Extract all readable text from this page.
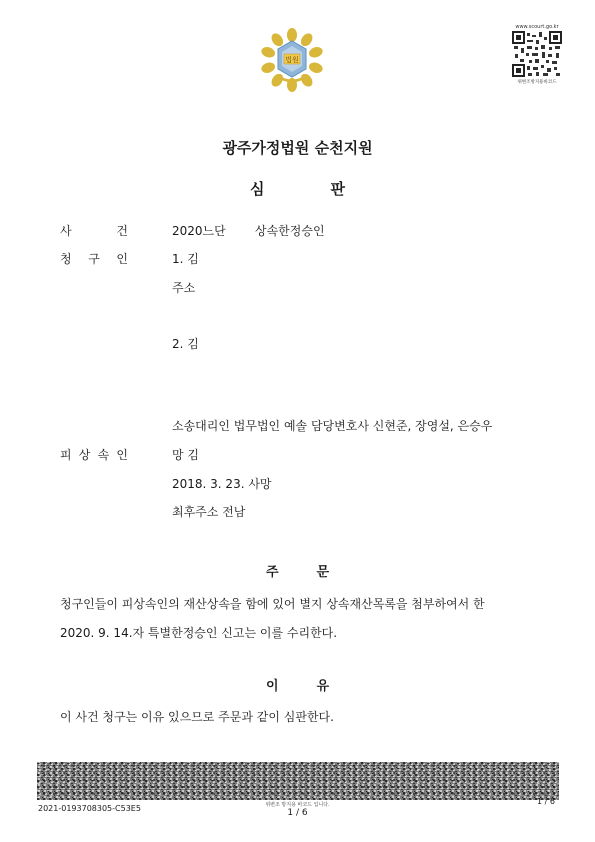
법원
www.scourt.go.kr
위변조방지용바코드
광주가정법원 순천지원
심	판
사	건	2020느단 상속한정승인
청 구 인	1. 김
주소
2. 김
소송대리인 법무법인 예솔 담당변호사 신현준, 장영설, 은승우
피 상 속 인	망 김
2018. 3. 23. 사망
최후주소 전남
주	문
청구인들이 피상속인의 재산상속을 함에 있어 별지 상속재산목록을 첨부하여서 한
2020. 9. 14.자 특별한정승인 신고는 이를 수리한다.
이	유
이 사건 청구는 이유 있으므로 주문과 같이 심판한다.
2021-0193708305-C53E5	위변조 방지용 바코드 입니다.
1 / 6
1 / 6
